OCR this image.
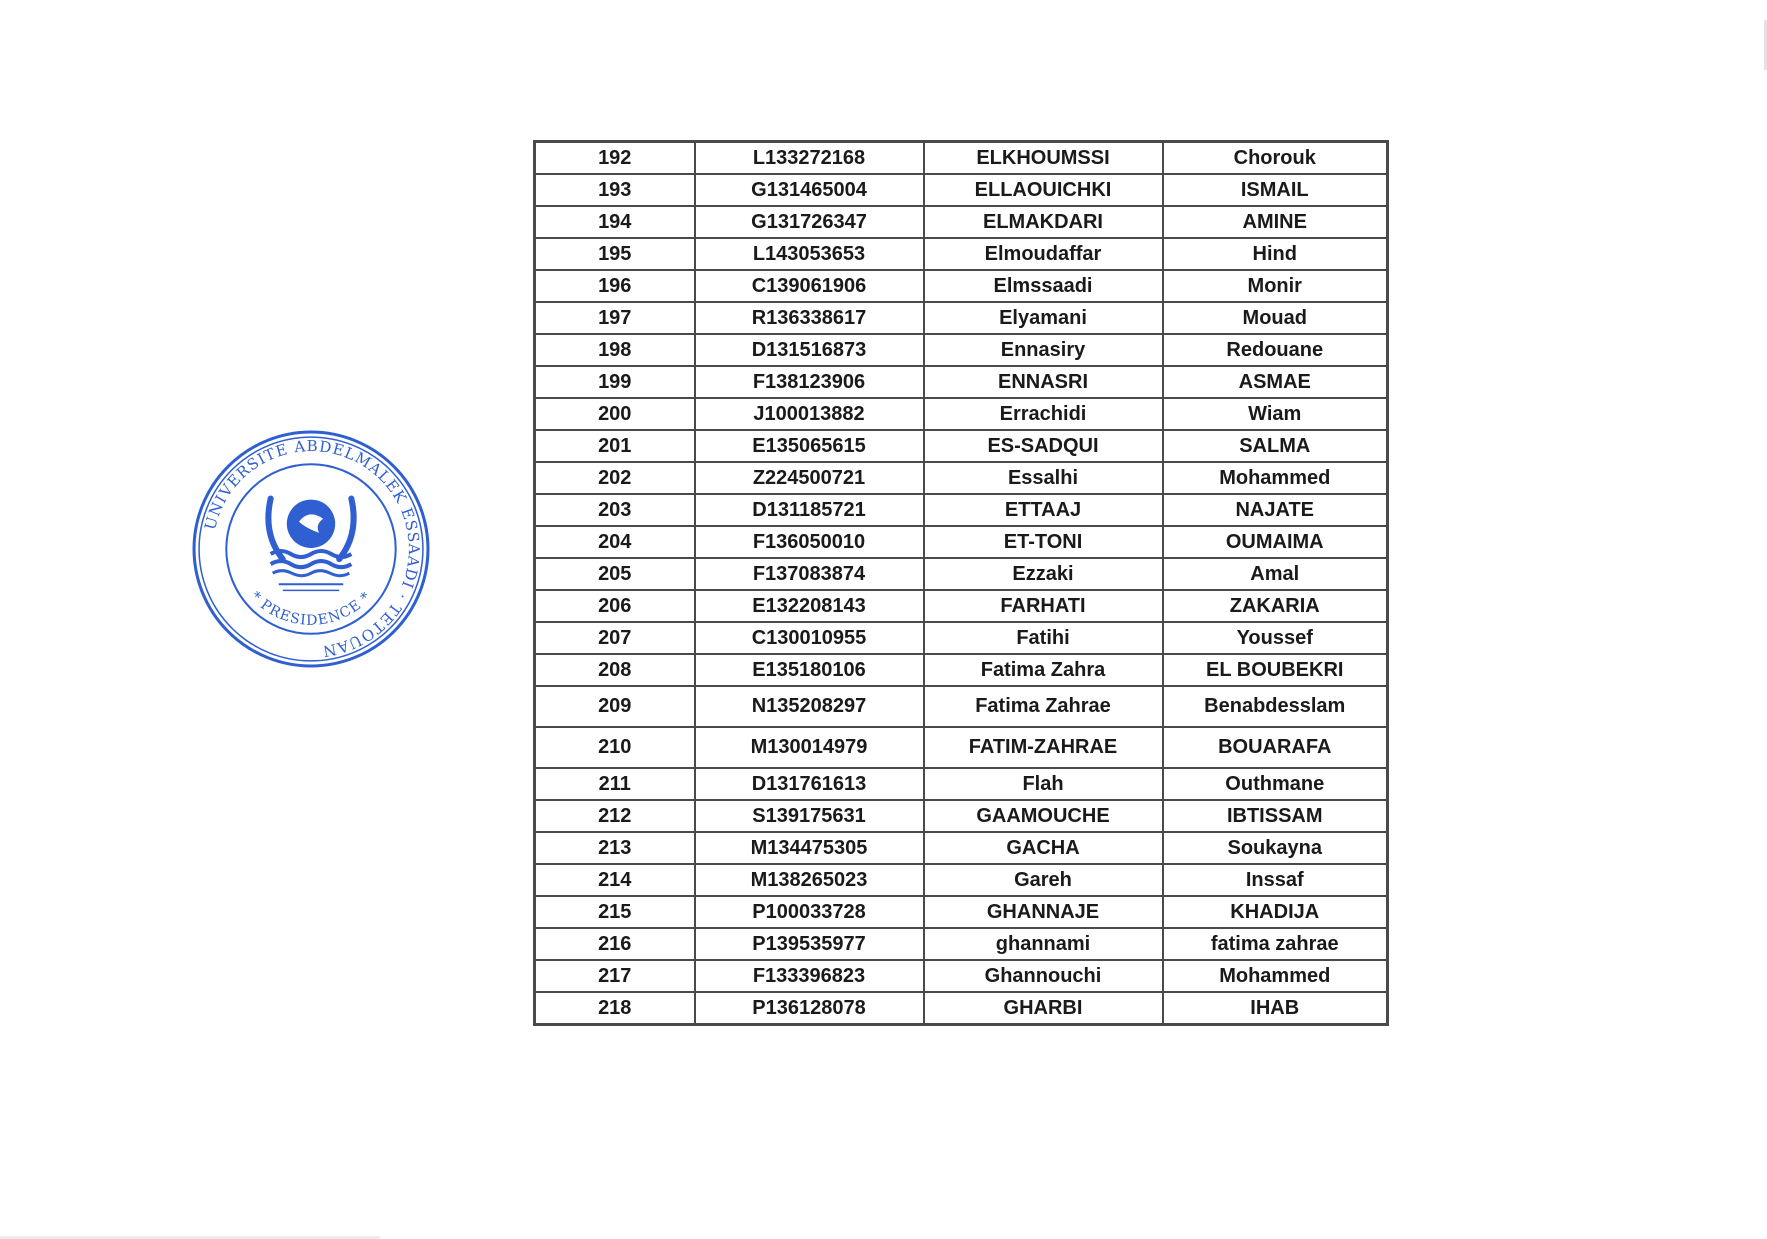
UNIVERSITE ABDELMALEK ESSAADI · TETOUAN
* PRESIDENCE *
192	L133272168	ELKHOUMSSI	Chorouk
193	G131465004	ELLAOUICHKI	ISMAIL
194	G131726347	ELMAKDARI	AMINE
195	L143053653	Elmoudaffar	Hind
196	C139061906	Elmssaadi	Monir
197	R136338617	Elyamani	Mouad
198	D131516873	Ennasiry	Redouane
199	F138123906	ENNASRI	ASMAE
200	J100013882	Errachidi	Wiam
201	E135065615	ES-SADQUI	SALMA
202	Z224500721	Essalhi	Mohammed
203	D131185721	ETTAAJ	NAJATE
204	F136050010	ET-TONI	OUMAIMA
205	F137083874	Ezzaki	Amal
206	E132208143	FARHATI	ZAKARIA
207	C130010955	Fatihi	Youssef
208	E135180106	Fatima Zahra	EL BOUBEKRI
209	N135208297	Fatima Zahrae	Benabdesslam
210	M130014979	FATIM-ZAHRAE	BOUARAFA
211	D131761613	Flah	Outhmane
212	S139175631	GAAMOUCHE	IBTISSAM
213	M134475305	GACHA	Soukayna
214	M138265023	Gareh	Inssaf
215	P100033728	GHANNAJE	KHADIJA
216	P139535977	ghannami	fatima zahrae
217	F133396823	Ghannouchi	Mohammed
218	P136128078	GHARBI	IHAB
